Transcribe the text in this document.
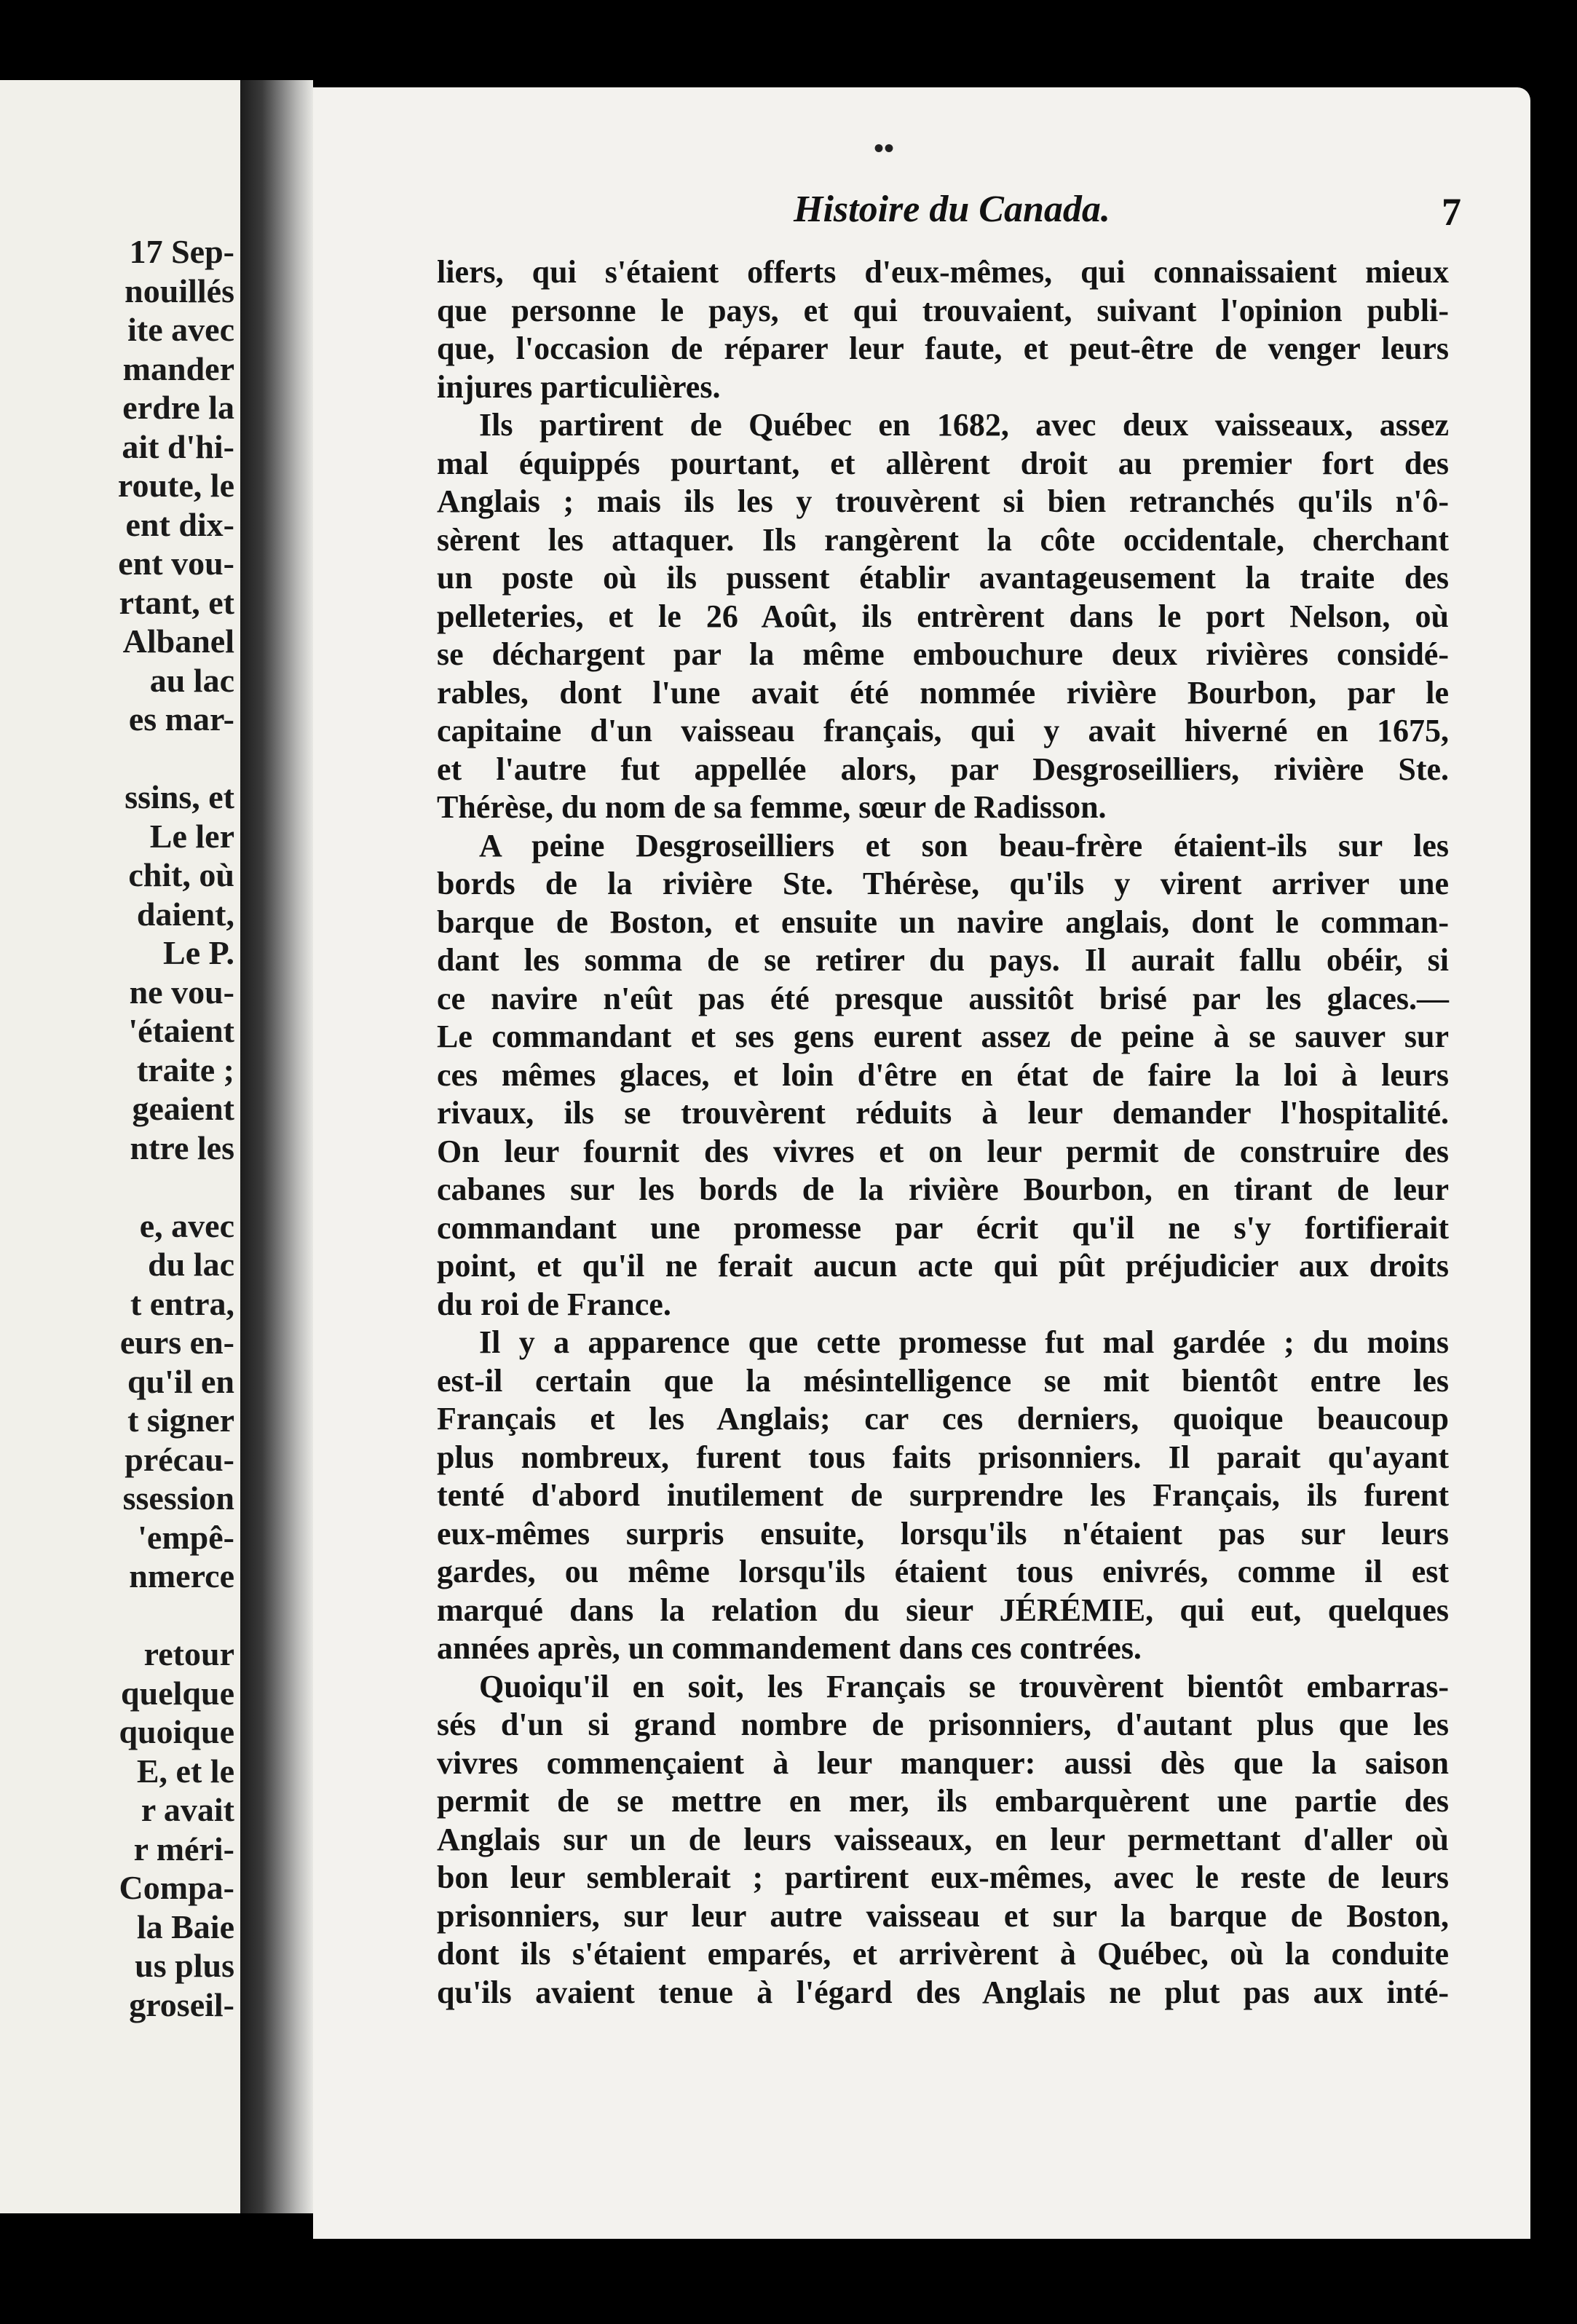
17 Sep-

nouillés

ite avec

mander

erdre la

ait d'hi-

route, le

ent dix-

ent vou-

rtant, et

Albanel

au lac

es mar-

ssins, et

Le ler

chit, où

daient,

Le P.

ne vou-

'étaient

traite ;

geaient

ntre les

e, avec

du lac

t entra,

eurs en-

qu'il en

t signer

précau-

ssession

'empê-

nmerce

retour

quelque

quoique

E, et le

r avait

r méri-

Compa-

la Baie

us plus

groseil-

••

Histoire du Canada.	7

liers, qui s'étaient offerts d'eux-mêmes, qui connaissaient mieux
que personne le pays, et qui trouvaient, suivant l'opinion publi-
que, l'occasion de réparer leur faute, et peut-être de venger leurs
injures particulières.
Ils partirent de Québec en 1682, avec deux vaisseaux, assez
mal équippés pourtant, et allèrent droit au premier fort des
Anglais ; mais ils les y trouvèrent si bien retranchés qu'ils n'ô-
sèrent les attaquer. Ils rangèrent la côte occidentale, cherchant
un poste où ils pussent établir avantageusement la traite des
pelleteries, et le 26 Août, ils entrèrent dans le port Nelson, où
se déchargent par la même embouchure deux rivières considé-
rables, dont l'une avait été nommée rivière Bourbon, par le
capitaine d'un vaisseau français, qui y avait hiverné en 1675,
et l'autre fut appellée alors, par Desgroseilliers, rivière Ste.
Thérèse, du nom de sa femme, sœur de Radisson.
A peine Desgroseilliers et son beau-frère étaient-ils sur les
bords de la rivière Ste. Thérèse, qu'ils y virent arriver une
barque de Boston, et ensuite un navire anglais, dont le comman-
dant les somma de se retirer du pays. Il aurait fallu obéir, si
ce navire n'eût pas été presque aussitôt brisé par les glaces.—
Le commandant et ses gens eurent assez de peine à se sauver sur
ces mêmes glaces, et loin d'être en état de faire la loi à leurs
rivaux, ils se trouvèrent réduits à leur demander l'hospitalité.
On leur fournit des vivres et on leur permit de construire des
cabanes sur les bords de la rivière Bourbon, en tirant de leur
commandant une promesse par écrit qu'il ne s'y fortifierait
point, et qu'il ne ferait aucun acte qui pût préjudicier aux droits
du roi de France.
Il y a apparence que cette promesse fut mal gardée ; du moins
est-il certain que la mésintelligence se mit bientôt entre les
Français et les Anglais; car ces derniers, quoique beaucoup
plus nombreux, furent tous faits prisonniers. Il parait qu'ayant
tenté d'abord inutilement de surprendre les Français, ils furent
eux-mêmes surpris ensuite, lorsqu'ils n'étaient pas sur leurs
gardes, ou même lorsqu'ils étaient tous enivrés, comme il est
marqué dans la relation du sieur JÉRÉMIE, qui eut, quelques
années après, un commandement dans ces contrées.
Quoiqu'il en soit, les Français se trouvèrent bientôt embarras-
sés d'un si grand nombre de prisonniers, d'autant plus que les
vivres commençaient à leur manquer: aussi dès que la saison
permit de se mettre en mer, ils embarquèrent une partie des
Anglais sur un de leurs vaisseaux, en leur permettant d'aller où
bon leur semblerait ; partirent eux-mêmes, avec le reste de leurs
prisonniers, sur leur autre vaisseau et sur la barque de Boston,
dont ils s'étaient emparés, et arrivèrent à Québec, où la conduite
qu'ils avaient tenue à l'égard des Anglais ne plut pas aux inté-
